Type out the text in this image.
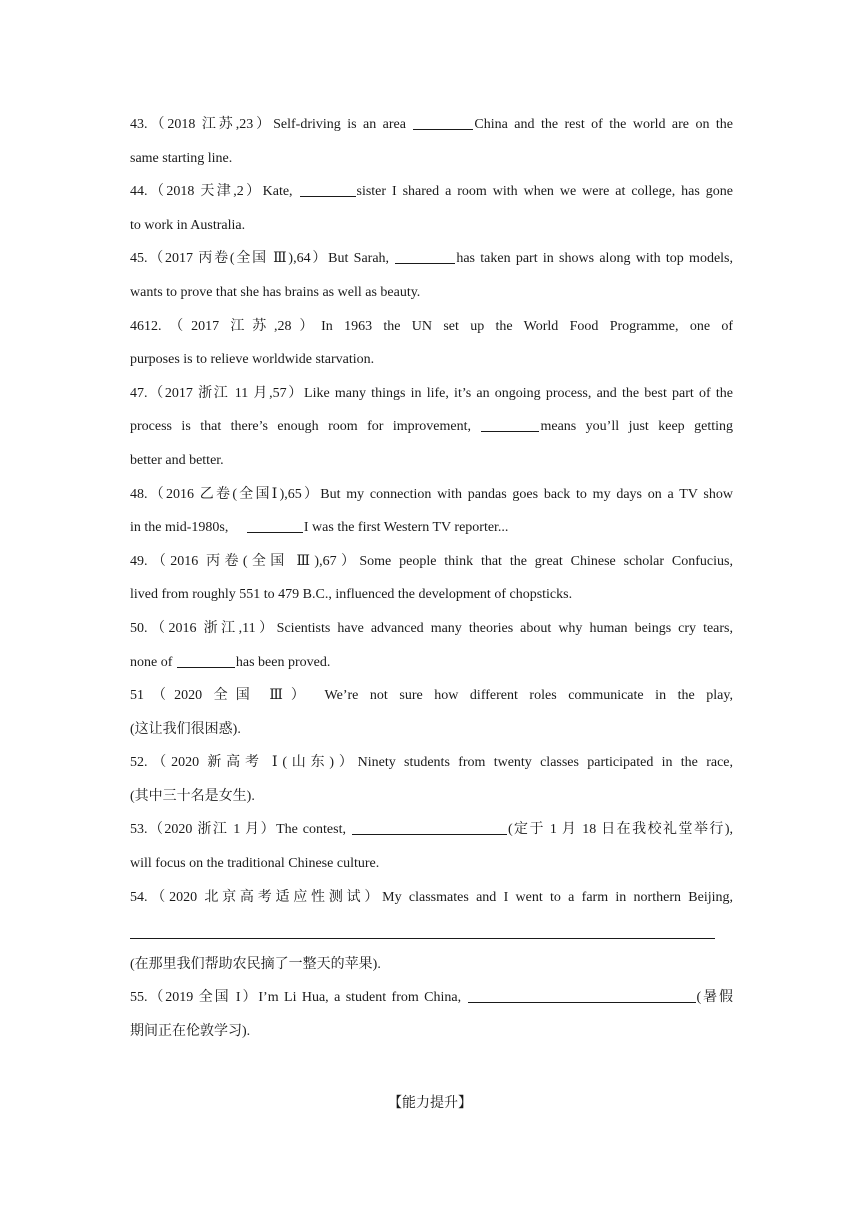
43.（2018 江苏,23）Self-driving is an area	China and the rest of the world are on the
same starting line.
44.（2018 天津,2）Kate,	sister I shared a room with when we were at college, has gone
to work in Australia.
45.（2017 丙卷(全国 Ⅲ),64）But Sarah,	has taken part in shows along with top models,
wants to prove that she has brains as well as beauty.
4612.（2017 江苏,28）In 1963 the UN set up the World Food Programme, one of
purposes is to relieve worldwide starvation.
47.（2017 浙江 11 月,57）Like many things in life, it’s an ongoing process, and the best part of the
process is that there’s enough room for improvement,	means you’ll just keep getting
better and better.
48.（2016 乙卷(全国Ⅰ),65）But my connection with pandas goes back to my days on a TV show
in the mid-1980s,	I was the first Western TV reporter...
49.（2016 丙卷(全国 Ⅲ),67）Some people think that the great Chinese scholar Confucius,
lived from roughly 551 to 479 B.C., influenced the development of chopsticks.
50.（2016 浙江,11）Scientists have advanced many theories about why human beings cry tears,
none of	has been proved.
51（2020 全国 Ⅲ） We’re not sure how different roles communicate in the play,
(这让我们很困惑).
52.（2020 新高考 Ⅰ(山东)）Ninety students from twenty classes participated in the race,
(其中三十名是女生).
53.（2020 浙江 1 月）The contest,	(定于 1 月 18 日在我校礼堂举行),
will focus on the traditional Chinese culture.
54.（2020 北京高考适应性测试）My classmates and I went to a farm in northern Beijing,
(在那里我们帮助农民摘了一整天的苹果).
55.（2019 全国 I）I’m Li Hua, a student from China,	(暑假
期间正在伦敦学习).
【能力提升】
